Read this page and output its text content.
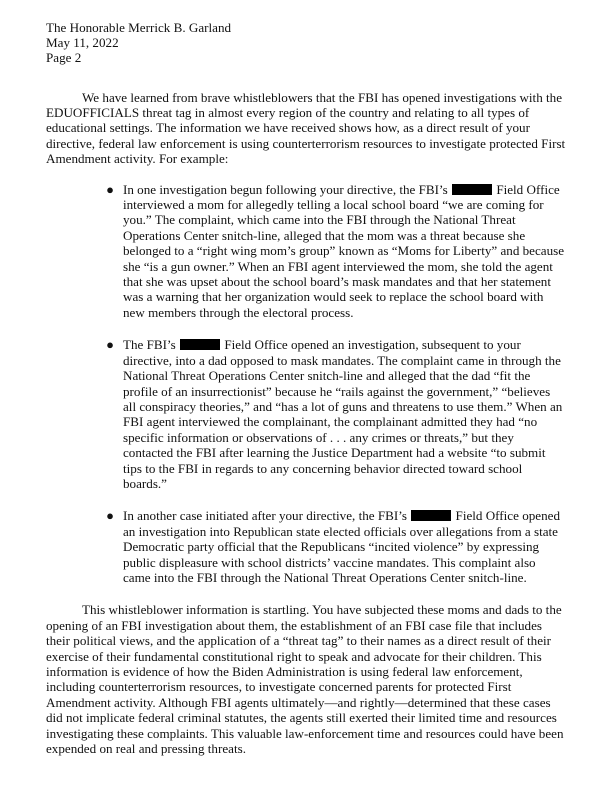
The Honorable Merrick B. Garland
May 11, 2022
Page 2

We have learned from brave whistleblowers that the FBI has opened investigations with the EDUOFFICIALS threat tag in almost every region of the country and relating to all types of educational settings. The information we have received shows how, as a direct result of your directive, federal law enforcement is using counterterrorism resources to investigate protected First Amendment activity. For example:

● In one investigation begun following your directive, the FBI’s	Field Office interviewed a mom for allegedly telling a local school board “we are coming for you.” The complaint, which came into the FBI through the National Threat Operations Center snitch-line, alleged that the mom was a threat because she belonged to a “right wing mom’s group” known as “Moms for Liberty” and because she “is a gun owner.” When an FBI agent interviewed the mom, she told the agent that she was upset about the school board’s mask mandates and that her statement was a warning that her organization would seek to replace the school board with new members through the electoral process.
● The FBI’s	Field Office opened an investigation, subsequent to your directive, into a dad opposed to mask mandates. The complaint came in through the National Threat Operations Center snitch-line and alleged that the dad “fit the profile of an insurrectionist” because he “rails against the government,” “believes all conspiracy theories,” and “has a lot of guns and threatens to use them.” When an FBI agent interviewed the complainant, the complainant admitted they had “no specific information or observations of . . . any crimes or threats,” but they contacted the FBI after learning the Justice Department had a website “to submit tips to the FBI in regards to any concerning behavior directed toward school boards.”
● In another case initiated after your directive, the FBI’s	Field Office opened an investigation into Republican state elected officials over allegations from a state Democratic party official that the Republicans “incited violence” by expressing public displeasure with school districts’ vaccine mandates. This complaint also came into the FBI through the National Threat Operations Center snitch-line.

This whistleblower information is startling. You have subjected these moms and dads to the opening of an FBI investigation about them, the establishment of an FBI case file that includes their political views, and the application of a “threat tag” to their names as a direct result of their exercise of their fundamental constitutional right to speak and advocate for their children. This information is evidence of how the Biden Administration is using federal law enforcement, including counterterrorism resources, to investigate concerned parents for protected First Amendment activity. Although FBI agents ultimately—and rightly—determined that these cases did not implicate federal criminal statutes, the agents still exerted their limited time and resources investigating these complaints. This valuable law-enforcement time and resources could have been expended on real and pressing threats.
